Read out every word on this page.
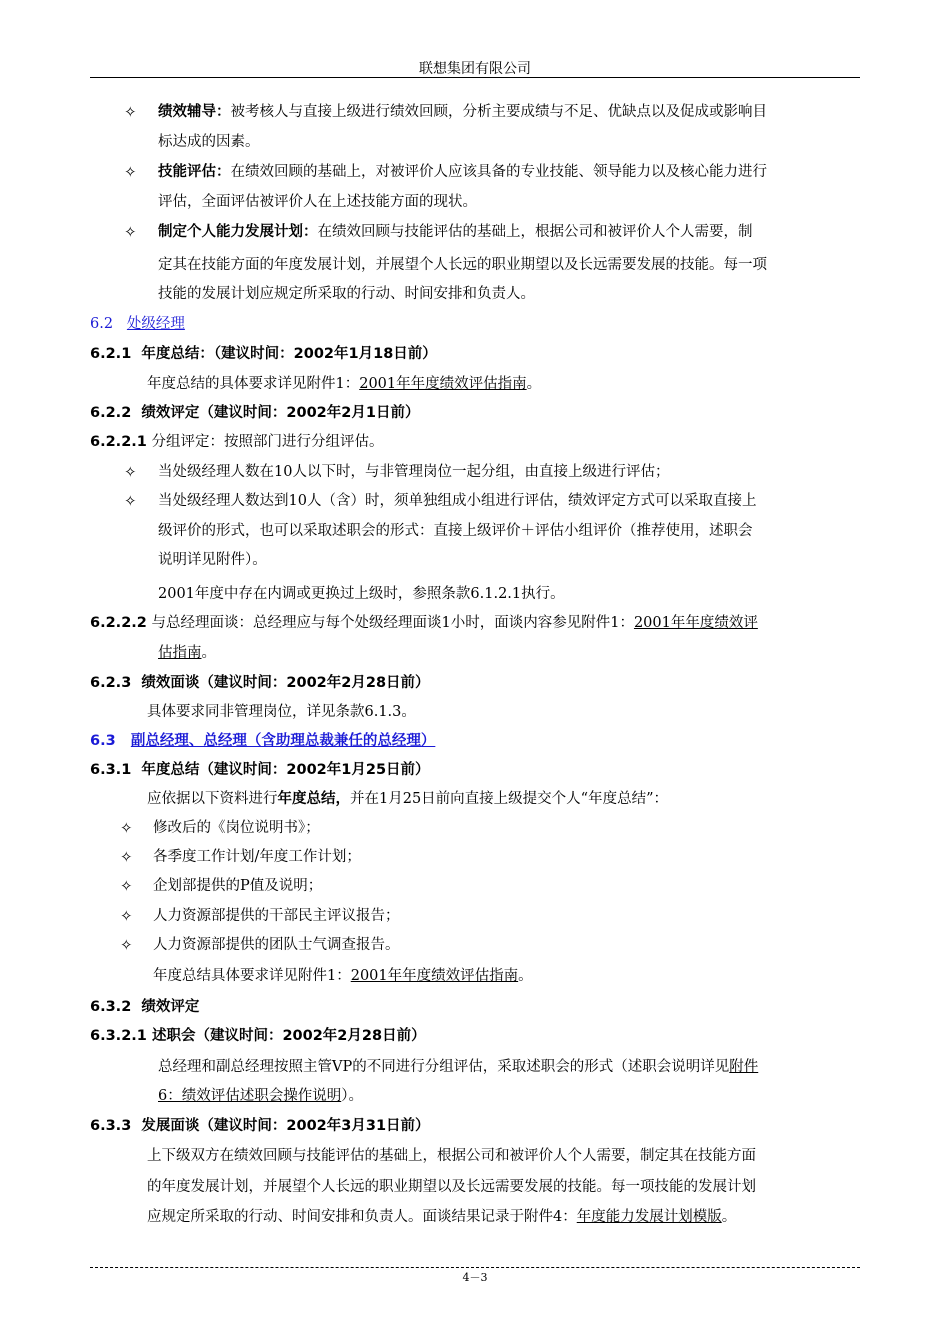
联想集团有限公司
✧ 绩效辅导：被考核人与直接上级进行绩效回顾，分析主要成绩与不足、优缺点以及促成或影响目
标达成的因素。
✧ 技能评估：在绩效回顾的基础上，对被评价人应该具备的专业技能、领导能力以及核心能力进行
评估，全面评估被评价人在上述技能方面的现状。
✧ 制定个人能力发展计划：在绩效回顾与技能评估的基础上，根据公司和被评价人个人需要，制
定其在技能方面的年度发展计划，并展望个人长远的职业期望以及长远需要发展的技能。每一项
技能的发展计划应规定所采取的行动、时间安排和负责人。
6.2 处级经理
6.2.1 年度总结：（建议时间：2002年1月18日前）
年度总结的具体要求详见附件1：2001年年度绩效评估指南。
6.2.2 绩效评定（建议时间：2002年2月1日前）
6.2.2.1 分组评定：按照部门进行分组评估。
✧ 当处级经理人数在10人以下时，与非管理岗位一起分组，由直接上级进行评估；
✧ 当处级经理人数达到10人（含）时，须单独组成小组进行评估，绩效评定方式可以采取直接上
级评价的形式，也可以采取述职会的形式：直接上级评价＋评估小组评价（推荐使用，述职会
说明详见附件）。
2001年度中存在内调或更换过上级时，参照条款6.1.2.1执行。
6.2.2.2 与总经理面谈：总经理应与每个处级经理面谈1小时，面谈内容参见附件1：2001年年度绩效评
估指南。
6.2.3 绩效面谈（建议时间：2002年2月28日前）
具体要求同非管理岗位，详见条款6.1.3。
6.3 副总经理、总经理（含助理总裁兼任的总经理）
6.3.1 年度总结（建议时间：2002年1月25日前）
应依据以下资料进行年度总结，并在1月25日前向直接上级提交个人“年度总结”：
✧ 修改后的《岗位说明书》；
✧ 各季度工作计划/年度工作计划；
✧ 企划部提供的P值及说明；
✧ 人力资源部提供的干部民主评议报告；
✧ 人力资源部提供的团队士气调查报告。
年度总结具体要求详见附件1：2001年年度绩效评估指南。
6.3.2 绩效评定
6.3.2.1 述职会（建议时间：2002年2月28日前）
总经理和副总经理按照主管VP的不同进行分组评估，采取述职会的形式（述职会说明详见附件
6：绩效评估述职会操作说明）。
6.3.3 发展面谈（建议时间：2002年3月31日前）
上下级双方在绩效回顾与技能评估的基础上，根据公司和被评价人个人需要，制定其在技能方面
的年度发展计划，并展望个人长远的职业期望以及长远需要发展的技能。每一项技能的发展计划
应规定所采取的行动、时间安排和负责人。面谈结果记录于附件4：年度能力发展计划模版。
4－3
